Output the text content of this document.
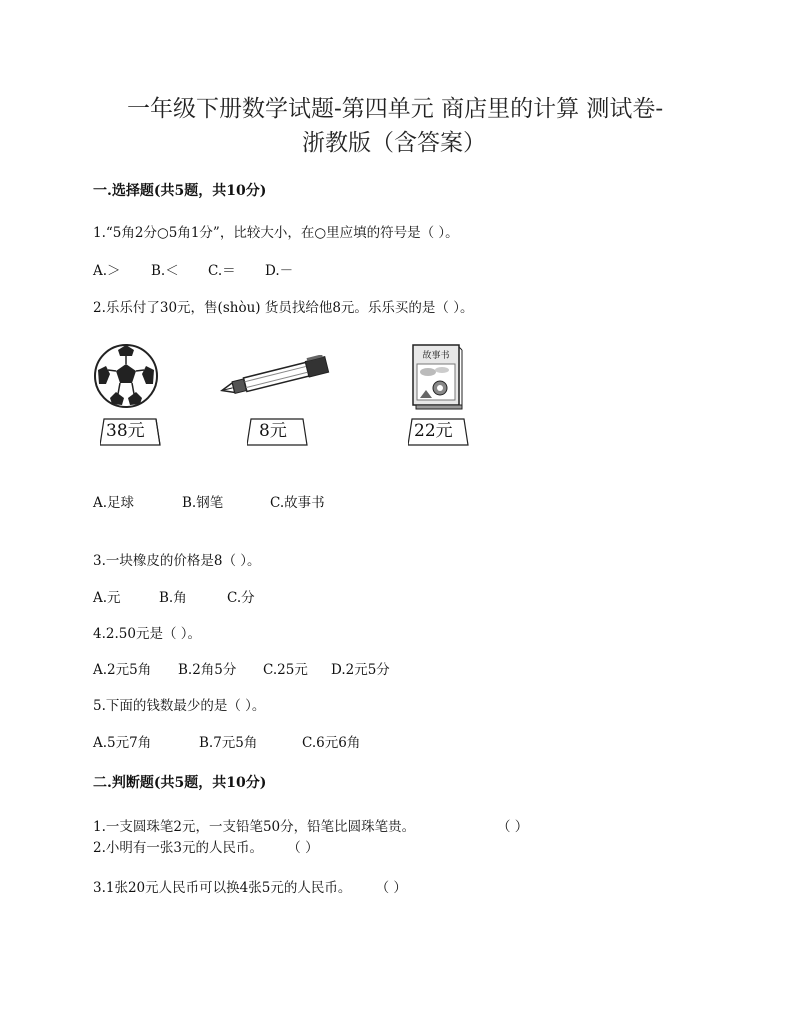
一年级下册数学试题-第四单元 商店里的计算 测试卷-
浙教版（含答案）
一.选择题(共5题，共10分)
1.“5角2分○5角1分”，比较大小，在○里应填的符号是（ ）。
A.＞ B.＜ C.＝ D.－
2.乐乐付了30元，售(shòu) 货员找给他8元。乐乐买的是（ ）。
故事书
38元	8元	22元
A.足球	B.钢笔	C.故事书
3.一块橡皮的价格是8（ ）。
A.元	B.角	C.分
4.2.50元是（ ）。
A.2元5角 B.2角5分 C.25元 D.2元5分
5.下面的钱数最少的是（ ）。
A.5元7角	B.7元5角	C.6元6角
二.判断题(共5题，共10分)
1.一支圆珠笔2元，一支铅笔50分，铅笔比圆珠笔贵。	（ ）
2.小明有一张3元的人民币。 （ ）
3.1张20元人民币可以换4张5元的人民币。 （ ）
